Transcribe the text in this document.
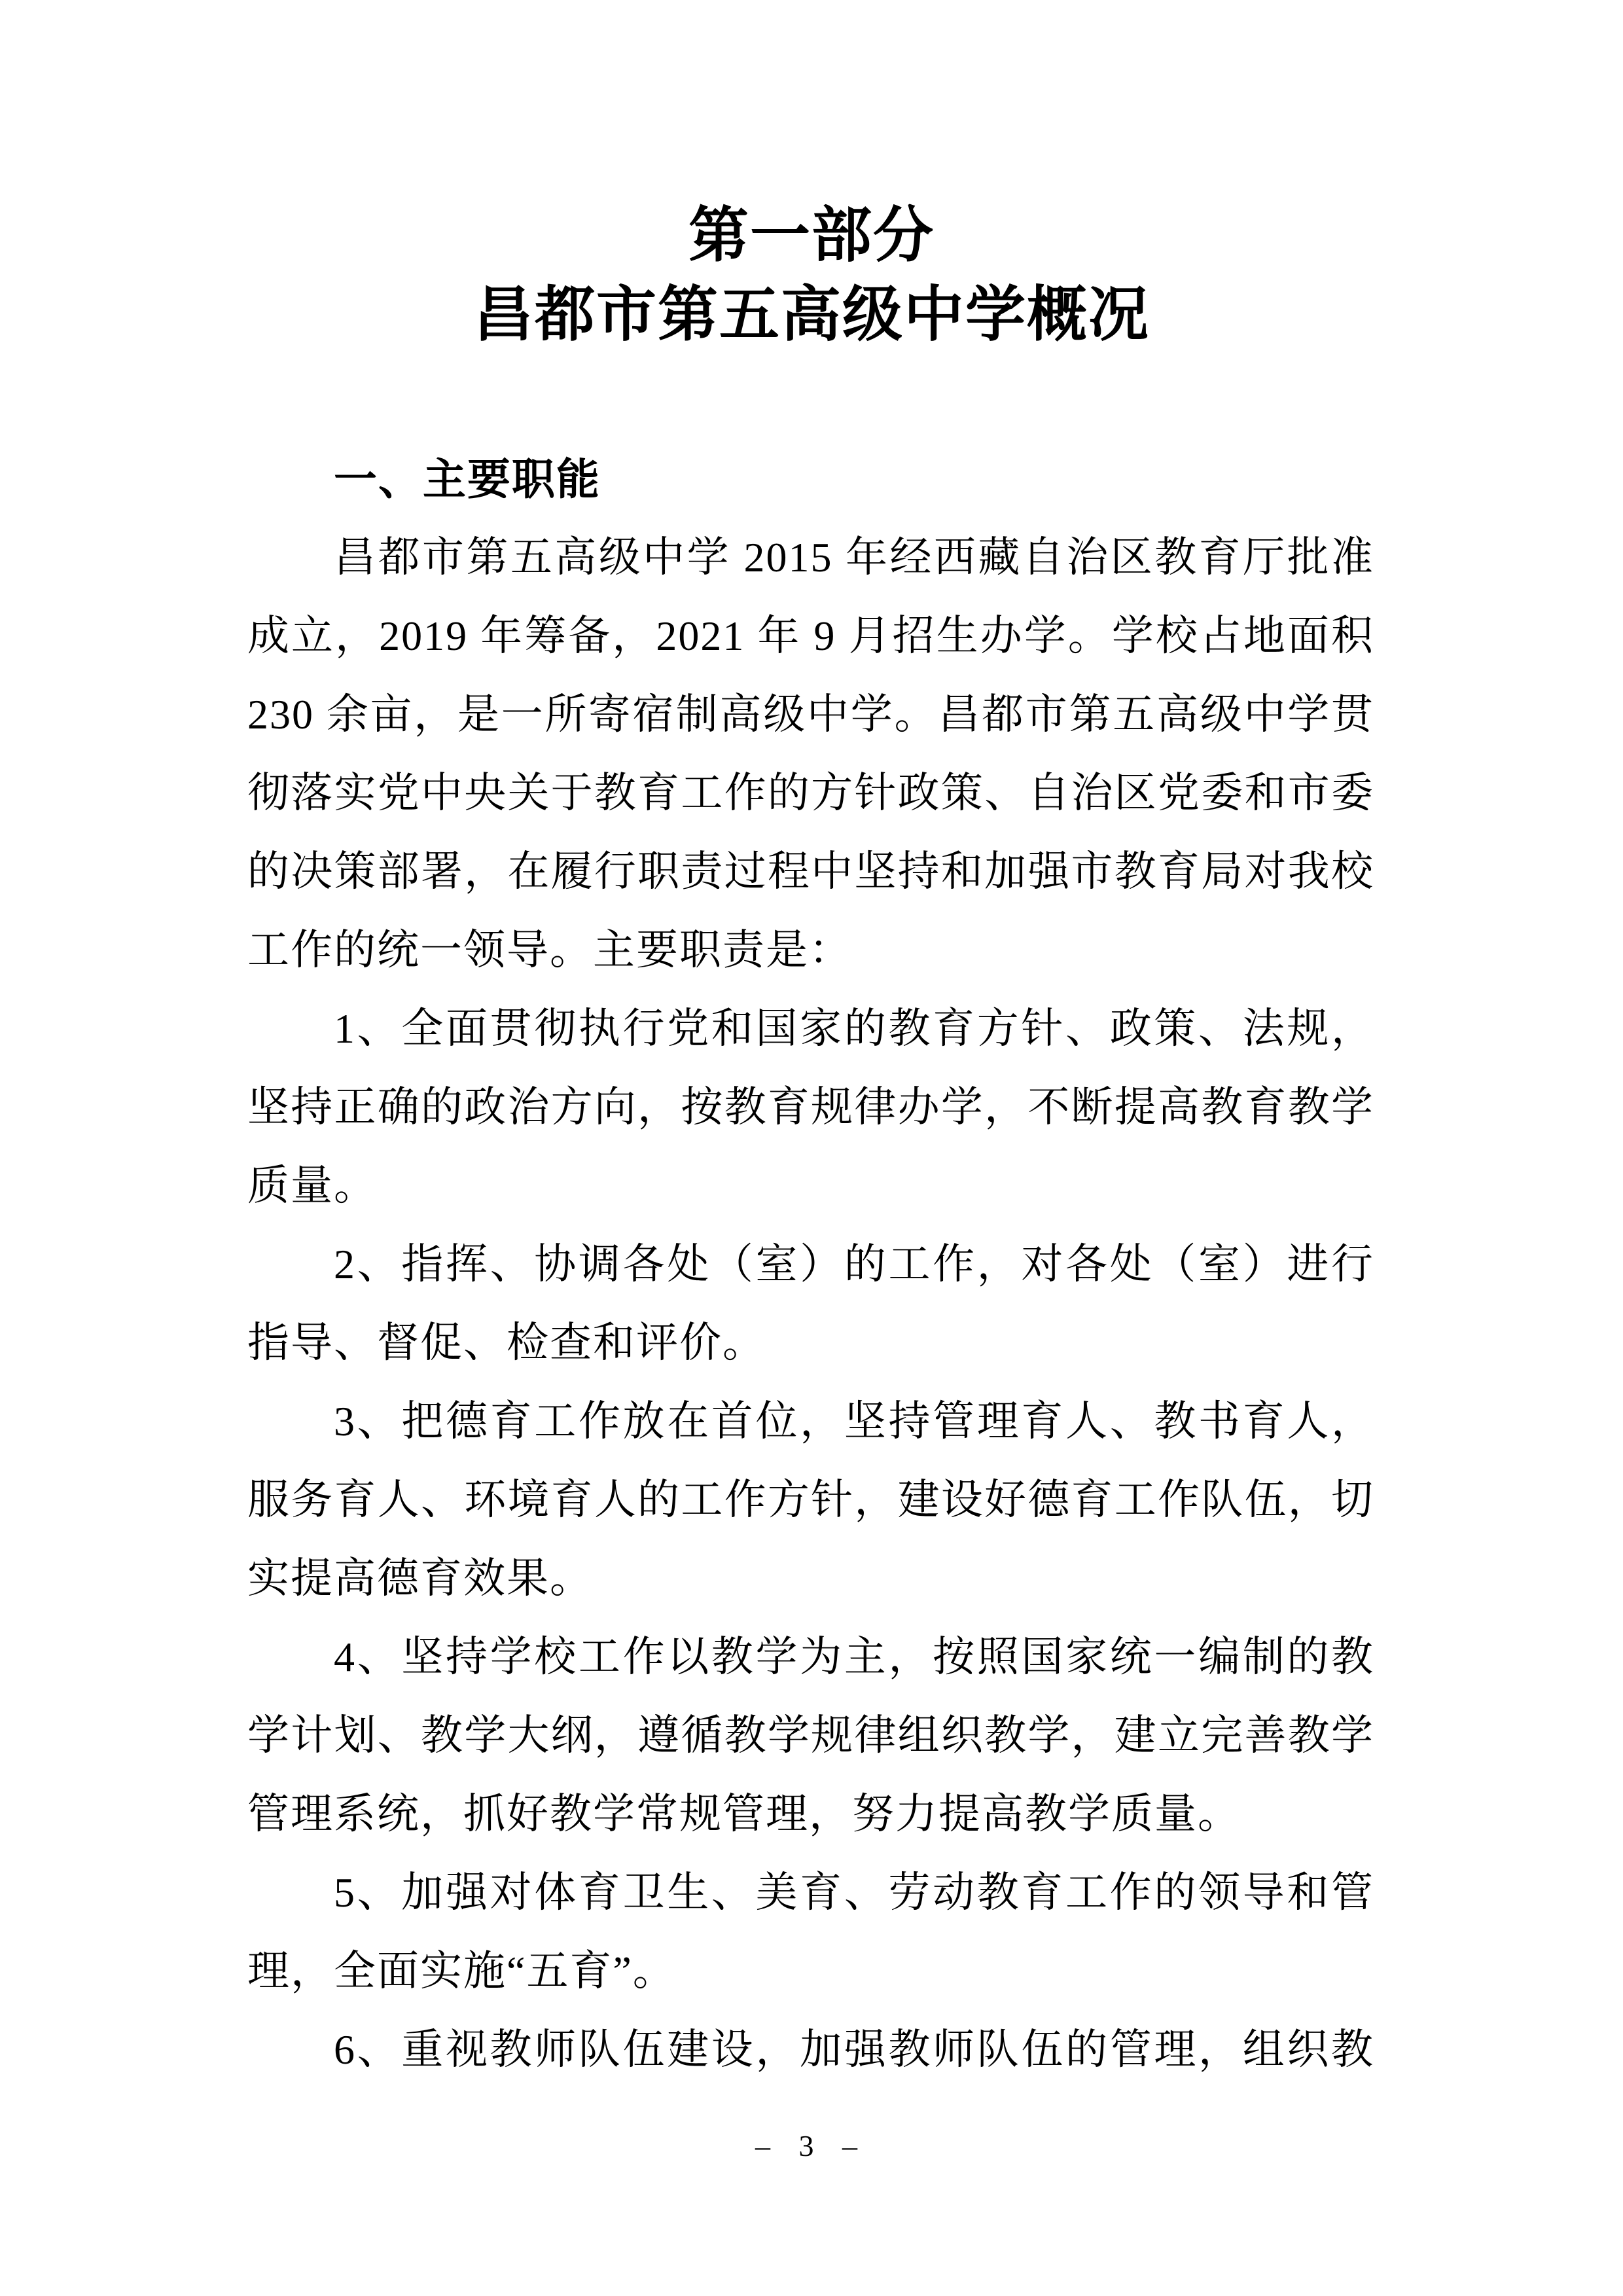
第一部分
昌都市第五高级中学概况
一、主要职能
昌都市第五高级中学 2015 年经西藏自治区教育厅批准
成立，2019 年筹备，2021 年 9 月招生办学。学校占地面积
230 余亩，是一所寄宿制高级中学。昌都市第五高级中学贯
彻落实党中央关于教育工作的方针政策、自治区党委和市委
的决策部署，在履行职责过程中坚持和加强市教育局对我校
工作的统一领导。主要职责是：
1、全面贯彻执行党和国家的教育方针、政策、法规，
坚持正确的政治方向，按教育规律办学，不断提高教育教学
质量。
2、指挥、协调各处（室）的工作，对各处（室）进行
指导、督促、检查和评价。
3、把德育工作放在首位，坚持管理育人、教书育人，
服务育人、环境育人的工作方针，建设好德育工作队伍，切
实提高德育效果。
4、坚持学校工作以教学为主，按照国家统一编制的教
学计划、教学大纲，遵循教学规律组织教学，建立完善教学
管理系统，抓好教学常规管理，努力提高教学质量。
5、加强对体育卫生、美育、劳动教育工作的领导和管
理，全面实施“五育”。
6、重视教师队伍建设，加强教师队伍的管理，组织教
– 3 –
